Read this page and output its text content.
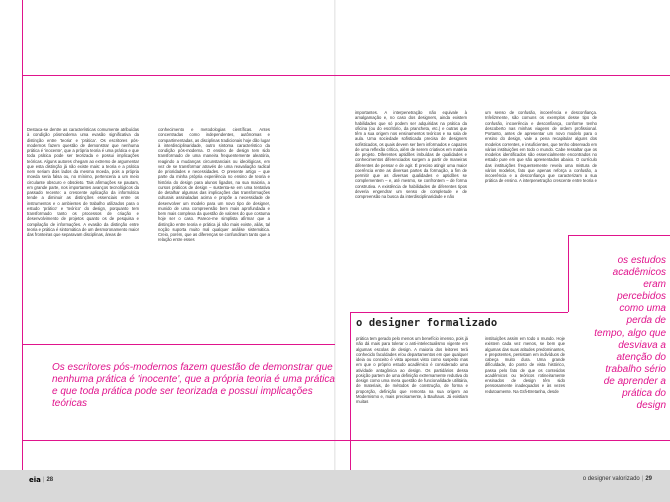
Destaca-se dentre as características comumente atribuídas à condição pósmoderna uma evasão significativa da distinção entre 'teoria' e 'prática'. Os escritores pós-modernos fazem questão de demonstrar que nenhuma prática é 'inocente', que a própria teoria é uma prática e que toda prática pode ser teorizada e possui implicações teóricas. Alguns autores chegam ao extremo de argumentar que esta distinção já não existe mais: a teoria e a prática nem seriam dois lados da mesma moeda, pois a própria moeda seria falsa ou, no mínimo, pertenceria a um meio circulante obscuro e obsoleto. Tais afirmações se pautam, em grande parte, nos importantes avanços tecnológicos da passado recente: a crescente aplicação da informática tende a diminuir as distinções essenciais entre os instrumentos e o ambientes de trabalho utilizados para o estudo 'prático' e 'teórico' do design, porquanto tem transformado tanto os processos de criação e desenvolvimento de projetos quanto os de pesquisa e compilação de informações. A evasão da distinção entre teoria e prática é sintomática de um desmoronamento maior das fronteiras que separavam disciplinas, áreas de
conhecimento e metodologias científicas. Antes concentradas como independentes, autônomas e compartimentadas, as disciplinas tradicionais hoje dão lugar à interdisciplinaridade, outro sintoma característico da condição pós-moderna. O ensino de design tem sido transformado de uma maneira frequentemente aleatória, reagindo a mudanças circunstanciais ou ideológicas, em vez de se transformar através de uma reavaliação radical de prioridades e necessidades. O presente artigo – que parte da minha própria experiência no ensino de teoria e história do design para alunos ligados, na sua maioria, a cursos práticos de design – sustenta-se em uma tentativa de detalhar algumas das implicações das transformações culturais assinaladas acima e propõe a necessidade de desenvolver um modelo para um novo tipo de designer, munido de uma compreensão bem mais aprofundada e bem mais complexa da questão de valores do que costuma hoje ser o caso. Parece-me simplista afirmar que a distinção entre teoria e prática já não mais existe, aliás, tal noção suporta muito mal qualquer análise sistemática. Creio, porém, que as diferenças se confundiram tanto que a relação entre esses
Os escritores pós-modernos fazem questão de demonstrar que nenhuma prática é 'inocente', que a própria teoria é uma prática e que toda prática pode ser teorizada e possui implicações teóricas
importantes. A interpenetração não equivale à amalgamação e, no caso dos designers, ainda existem habilidades que só podem ser adquiridas na prática da oficina (ou do escritório, da prancheta, etc.) e outras que têm a sua origem nos ensinamentos teóricos e na sala de aula. Uma sociedade sofisticada precisa de designers sofisticados, os quais devem ser bem informados e capazes de uma reflexão crítica, além de serem criativos em matéria de projeto. Diferentes aptidões imbuídas de qualidades e conhecimentos diferenciados surgem a partir de maneiras diferentes de pensar e de agir. É preciso atingir uma maior coerência entre as diversas partes da formação, a fim de permitir que as diversas qualidades e aptidões se complementem – e, até mesmo, se confrontem – de forma construtiva. A existência de habilidades de diferentes tipos deveria engendrar um senso de completude e de compreensão na busca da interdisciplinaridade e não
um senso de confusão, incoerência e desconfiança. Infelizmente, são comuns os exemplos desse tipo de confusão, incoerência e desconfiança, conforme tenho descoberto nas minhas viagens de ordem profissional. Portanto, antes de apresentar um novo modelo para o ensino do design, vale a pena recapitular alguns dos modelos correntes, e insuficientes, que tenho observado em várias instituições em todo o mundo. Cabe ressaltar que os modelos identificados são essencialmente encontrados no estado pure em que são apresentados abaixo. O currículo das instituições frequentemente revela uma mistura de vários modelos, fato que apenas reforça a confusão, a incoerência e a desconfiança que caracterizam a sua prática de ensino. A interpenetração crescente entre teoria e
o designer formalizado
prática tem gerado pelo menos um benefício imenso, pois já não dá mais para tolerar o anti-intelectualismo vigente em algumas escolas de design. A maioria dos leitores terá conhecido faculdades e/ou departamentos em que qualquer ideia ou conceito é vista apenas visto como suspeito mas em que o próprio estudo acadêmico é considerado uma atividade antagônica ao design. Os partidários dessa posição partem de uma definição extremamente redutiva do design como uma mera questão de funcionalidade utilitária, de materiais, de métodos de construção, de forma e proporção, definição que remonta na sua origem ao Modernismo e, mais precisamente, à Bauhaus. Já existiam muitas
instituições assim em todo o mundo. Hoje existem cada vez menos, se bem que algumas das suas atitudes predominantes, e prepotentes, persistam em indivíduos de cabeça muito dura. Uma grande dificuldade, do ponto de vista histórico, passa pelo fato de que os conteúdos acadêmicos ou teóricos rotineiramente ensinados de design têm sido pensosamente inadequados e às vezes redutoamente. Na Grã-Bretanha, desde
os estudos acadêmicos eram percebidos como uma perda de tempo, algo que desviava a atenção do trabalho sério de aprender a prática do design
eia | 28	o designer valorizado | 29
